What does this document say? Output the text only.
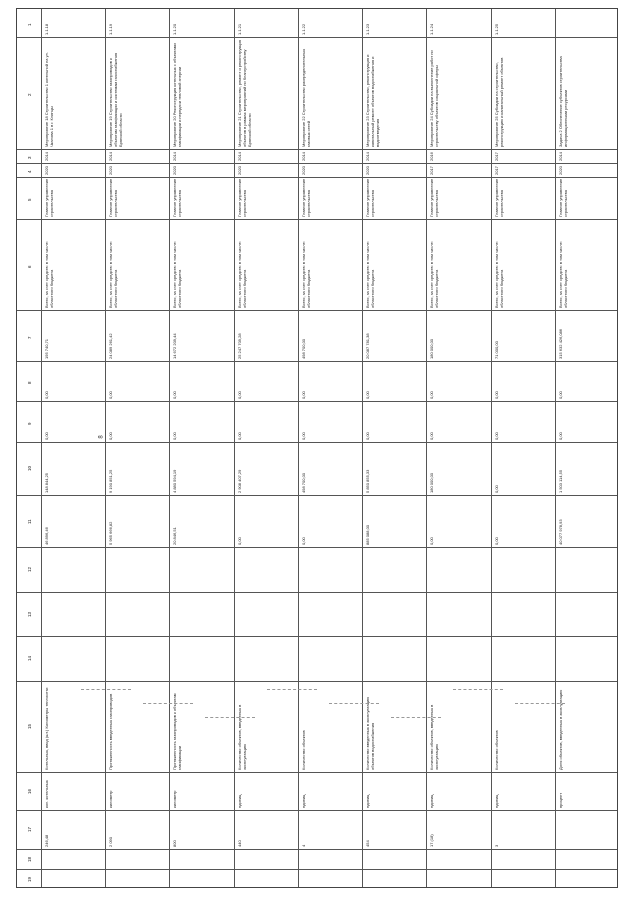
8
1
2
3
4
5
6
7
8
9
10
11
12
13
14
15
16
17
18
19
1.1.18
Мероприятие 18 Строительство 1 котельной на ул. Чкалова 1 в г. Клинцы
2014
2020
Главное управление строительства
Всего, за счет средств: в том числе: областного бюджета
195 740,71
0,00
0,00
148 844,25
46 896,46
Котельных, ввод (шт.) Километры теплосети
кол. котельных
246,48
1.1.19
Мероприятие 19 Строительство газопроводов к объектам газификации и системам газоснабжения Брянской области
2014
2020
Главное управление строительства
Всего, за счет средств: в том числе: областного бюджета
24 089 261,42
0,00
0,00
9 190 851,25
5 965 666,82
Протяженность введенных газопроводов
километр
2 090
1.1.20
Мероприятие 20 Реконструкция котельных с объектами газификации и передачи тепловой энергии
2014
2020
Главное управление строительства
Всего, за счет средств: в том числе: областного бюджета
14 672 209,44
0,00
0,00
4 880 594,19
20 846,51
Протяженность газопроводов к объектам газификации
километр
800
1.1.21
Мероприятие 21 Строительство, ремонт и реконструкция объектов в рамках мероприятий по благоустройству Брянской области
2014
2020
Главное управление строительства
Всего, за счет средств: в том числе: областного бюджета
25 247 709,28
0,00
0,00
2 908 407,29
0,00
Количество объектов, введенных в эксплуатацию
единиц
440
1.1.22
Мероприятие 22 Строительство распределительных газовых сетей
2014
2020
Главное управление строительства
Всего, за счет средств: в том числе: областного бюджета
498 700,00
0,00
0,00
498 700,00
0,00
Количество объектов
единиц
4
1.1.23
Мероприятие 23 Строительство, реконструкция и капитальный ремонт объектов водоснабжения и водоотведения
2014
2020
Главное управление строительства
Всего, за счет средств: в том числе: областного бюджета
20 087 781,38
0,00
0,00
5 850 855,33
885 088,00
Количество введенных в эксплуатацию объектов водоснабжения
единиц
454
1.1.24
Мероприятие 24 Субсидии на выполнение работ по строительству объектов социальной сферы
2016
2017
Главное управление строительства
Всего, за счет средств: в том числе: областного бюджета
180 000,00
0,00
0,00
180 000,00
0,00
Количество объектов, введенных в эксплуатацию
единиц
17 (18)
1.1.25
Мероприятие 25 Субсидии на строительство, реконструкцию и капитальный ремонт объектов
2017
2017
Главное управление строительства
Всего, за счет средств: в том числе: областного бюджета
71 000,00
0,00
0,00
0,00
0,00
Количество объектов
единиц
3
Задача 2 Обеспечение субъектов строительства информационными ресурсами
2014
2020
Главное управление строительства
Всего, за счет средств: в том числе: областного бюджета
315 632 426,086
0,00
0,00
1 503 114,55
40 077 978,93
Доля объектов, введенных в эксплуатацию
процент
